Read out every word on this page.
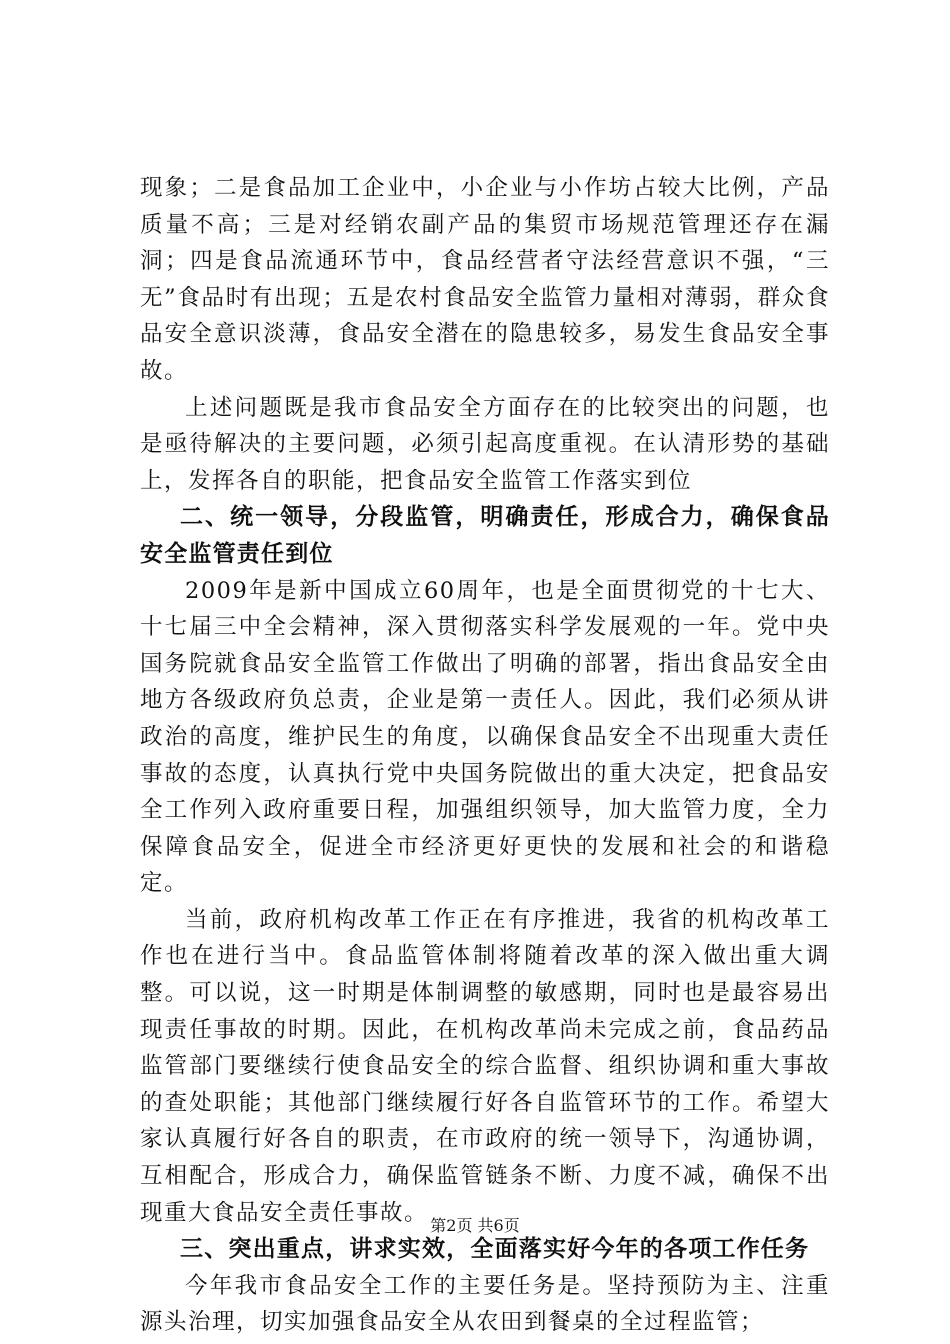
现象；二是食品加工企业中，小企业与小作坊占较大比例，产品质量不高；三是对经销农副产品的集贸市场规范管理还存在漏洞；四是食品流通环节中，食品经营者守法经营意识不强，“三无”食品时有出现；五是农村食品安全监管力量相对薄弱，群众食品安全意识淡薄，食品安全潜在的隐患较多，易发生食品安全事故。

上述问题既是我市食品安全方面存在的比较突出的问题，也是亟待解决的主要问题，必须引起高度重视。在认清形势的基础上，发挥各自的职能，把食品安全监管工作落实到位

二、统一领导，分段监管，明确责任，形成合力，确保食品安全监管责任到位

2009年是新中国成立60周年，也是全面贯彻党的十七大、十七届三中全会精神，深入贯彻落实科学发展观的一年。党中央国务院就食品安全监管工作做出了明确的部署，指出食品安全由地方各级政府负总责，企业是第一责任人。因此，我们必须从讲政治的高度，维护民生的角度，以确保食品安全不出现重大责任事故的态度，认真执行党中央国务院做出的重大决定，把食品安全工作列入政府重要日程，加强组织领导，加大监管力度，全力保障食品安全，促进全市经济更好更快的发展和社会的和谐稳定。

当前，政府机构改革工作正在有序推进，我省的机构改革工作也在进行当中。食品监管体制将随着改革的深入做出重大调整。可以说，这一时期是体制调整的敏感期，同时也是最容易出现责任事故的时期。因此，在机构改革尚未完成之前，食品药品监管部门要继续行使食品安全的综合监督、组织协调和重大事故的查处职能；其他部门继续履行好各自监管环节的工作。希望大家认真履行好各自的职责，在市政府的统一领导下，沟通协调，互相配合，形成合力，确保监管链条不断、力度不减，确保不出现重大食品安全责任事故。

三、突出重点，讲求实效，全面落实好今年的各项工作任务

今年我市食品安全工作的主要任务是。坚持预防为主、注重源头治理，切实加强食品安全从农田到餐桌的全过程监管；

第2页 共6页
